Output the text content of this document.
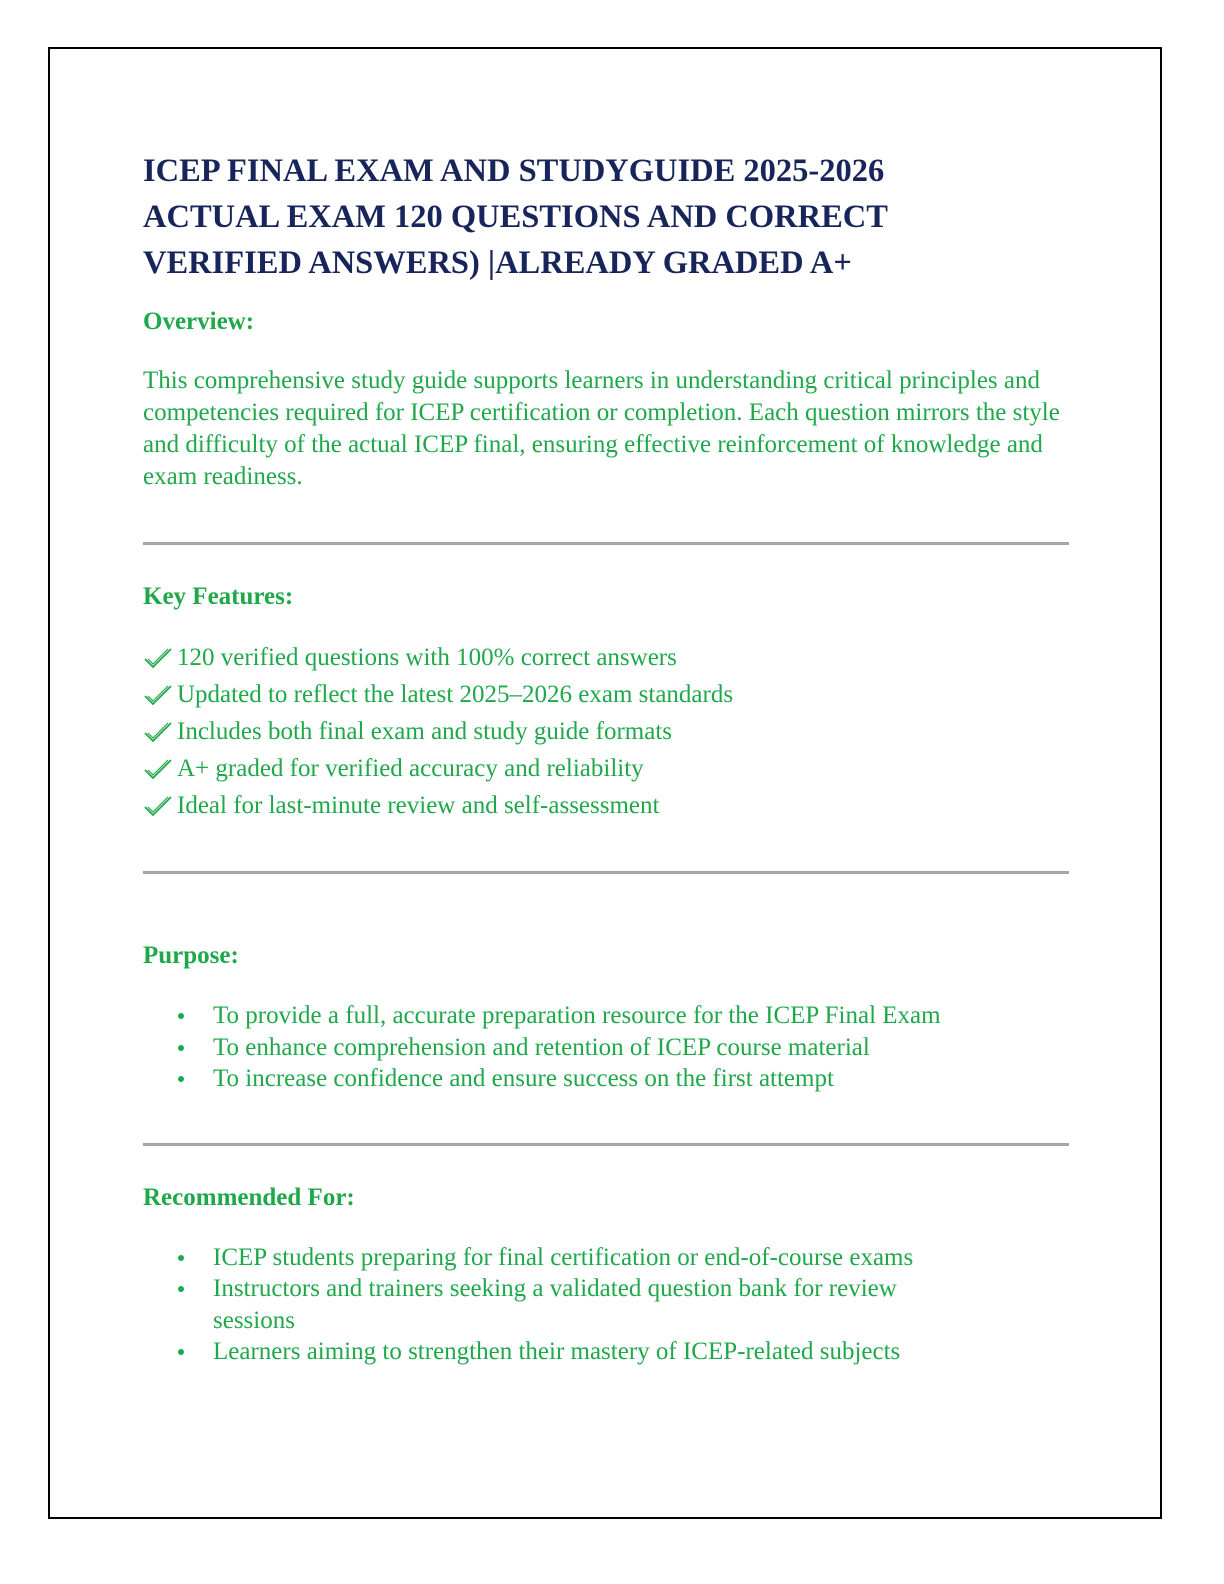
ICEP FINAL EXAM AND STUDYGUIDE 2025-2026
ACTUAL EXAM 120 QUESTIONS AND CORRECT
VERIFIED ANSWERS) |ALREADY GRADED A+
Overview:

This comprehensive study guide supports learners in understanding critical principles and competencies required for ICEP certification or completion. Each question mirrors the style and difficulty of the actual ICEP final, ensuring effective reinforcement of knowledge and exam readiness.

Key Features:
120 verified questions with 100% correct answers
Updated to reflect the latest 2025–2026 exam standards
Includes both final exam and study guide formats
A+ graded for verified accuracy and reliability
Ideal for last-minute review and self-assessment
Purpose:
To provide a full, accurate preparation resource for the ICEP Final Exam
To enhance comprehension and retention of ICEP course material
To increase confidence and ensure success on the first attempt
Recommended For:
ICEP students preparing for final certification or end-of-course exams
Instructors and trainers seeking a validated question bank for review sessions
Learners aiming to strengthen their mastery of ICEP-related subjects
